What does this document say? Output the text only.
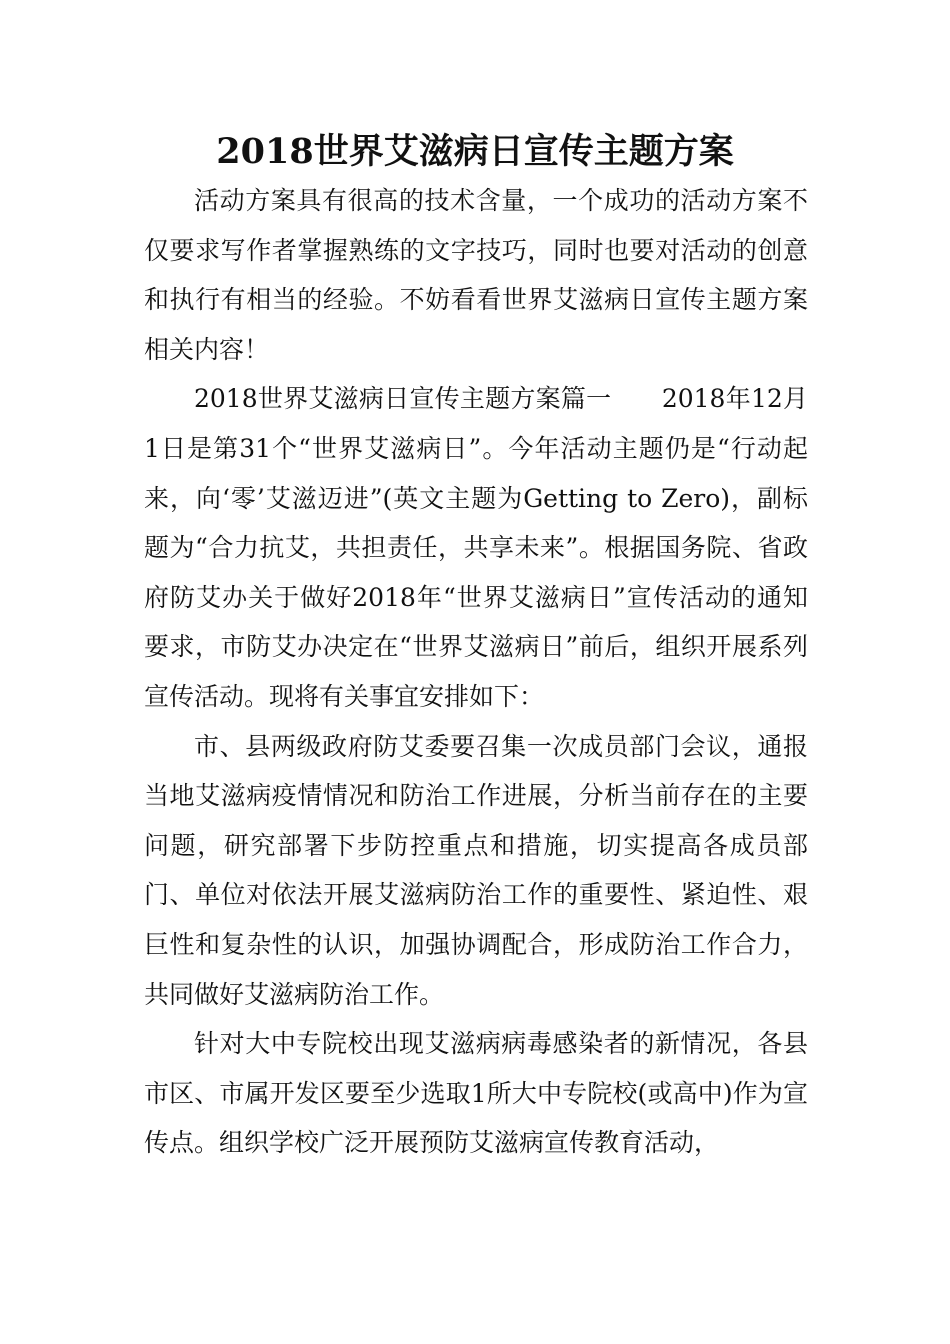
2018世界艾滋病日宣传主题方案

活动方案具有很高的技术含量，一个成功的活动方案不仅要求写作者掌握熟练的文字技巧，同时也要对活动的创意和执行有相当的经验。不妨看看世界艾滋病日宣传主题方案相关内容！

2018世界艾滋病日宣传主题方案篇一　　2018年12月1日是第31个“世界艾滋病日”。今年活动主题仍是“行动起来，向‘零’艾滋迈进”(英文主题为Getting to Zero)，副标题为“合力抗艾，共担责任，共享未来”。根据国务院、省政府防艾办关于做好2018年“世界艾滋病日”宣传活动的通知要求，市防艾办决定在“世界艾滋病日”前后，组织开展系列宣传活动。现将有关事宜安排如下：

市、县两级政府防艾委要召集一次成员部门会议，通报当地艾滋病疫情情况和防治工作进展，分析当前存在的主要问题，研究部署下步防控重点和措施，切实提高各成员部门、单位对依法开展艾滋病防治工作的重要性、紧迫性、艰巨性和复杂性的认识，加强协调配合，形成防治工作合力，共同做好艾滋病防治工作。

针对大中专院校出现艾滋病病毒感染者的新情况，各县市区、市属开发区要至少选取1所大中专院校(或高中)作为宣传点。组织学校广泛开展预防艾滋病宣传教育活动，
